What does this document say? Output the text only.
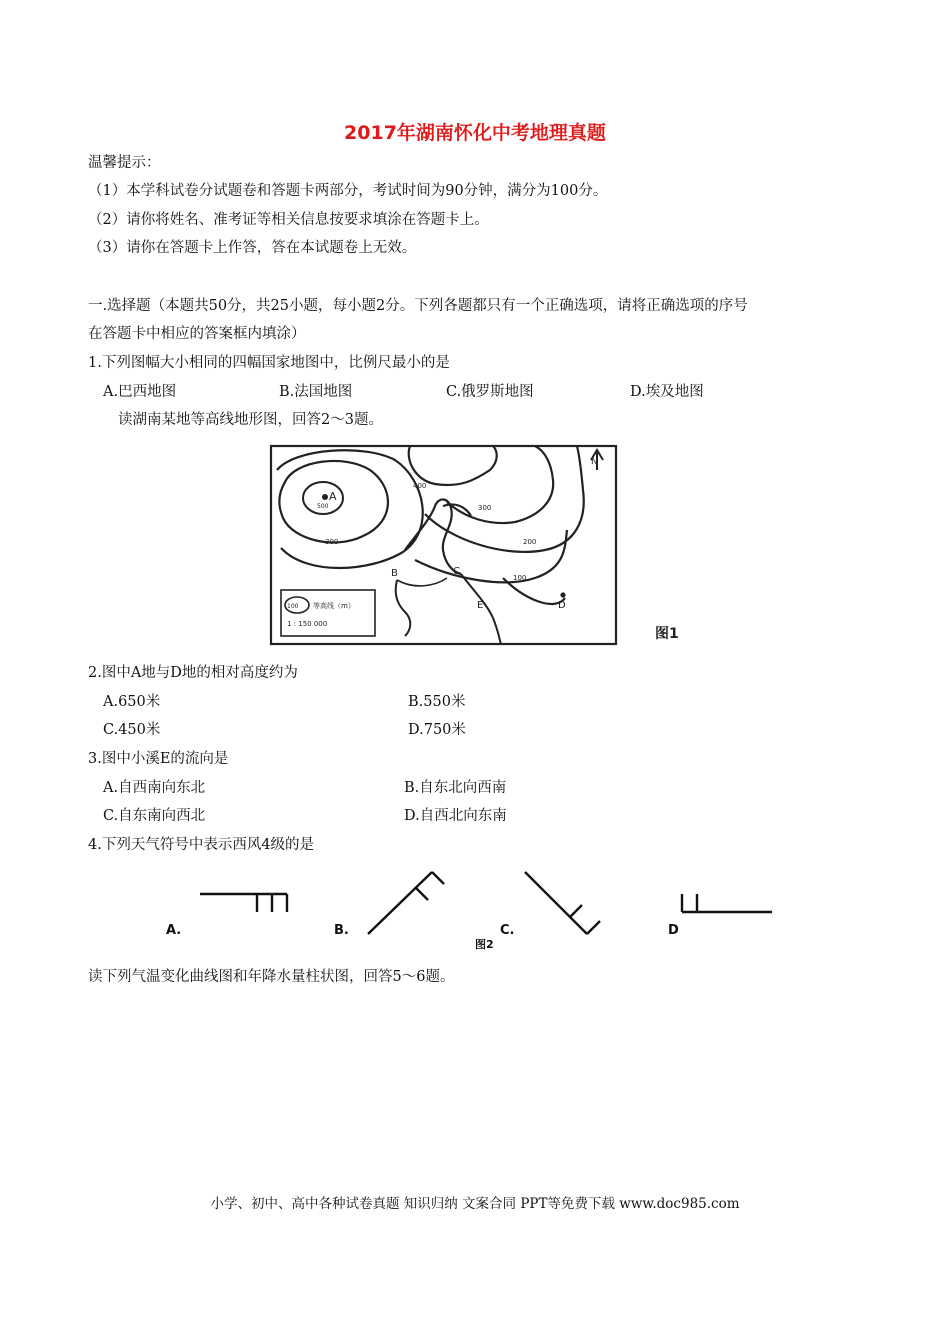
2017年湖南怀化中考地理真题
温馨提示：
（1）本学科试卷分试题卷和答题卡两部分，考试时间为90分钟，满分为100分。
（2）请你将姓名、准考证等相关信息按要求填涂在答题卡上。
（3）请你在答题卡上作答，答在本试题卷上无效。
一.选择题（本题共50分，共25小题，每小题2分。下列各题都只有一个正确选项，请将正确选项的序号
在答题卡中相应的答案框内填涂）
1.下列图幅大小相同的四幅国家地图中，比例尺最小的是
A.巴西地图	B.法国地图	C.俄罗斯地图	D.埃及地图
读湖南某地等高线地形图，回答2～3题。
A
B	C
D
E
400
300
300	200
100
500
100 等高线（m）
1 : 150 000
N
图1
2.图中A地与D地的相对高度约为
A.650米	B.550米
C.450米	D.750米
3.图中小溪E的流向是
A.自西南向东北	B.自东北向西南
C.自东南向西北	D.自西北向东南
4.下列天气符号中表示西风4级的是
A.	B.	C.	D
图2
读下列气温变化曲线图和年降水量柱状图，回答5～6题。
小学、初中、高中各种试卷真题 知识归纳 文案合同 PPT等免费下载 www.doc985.com
